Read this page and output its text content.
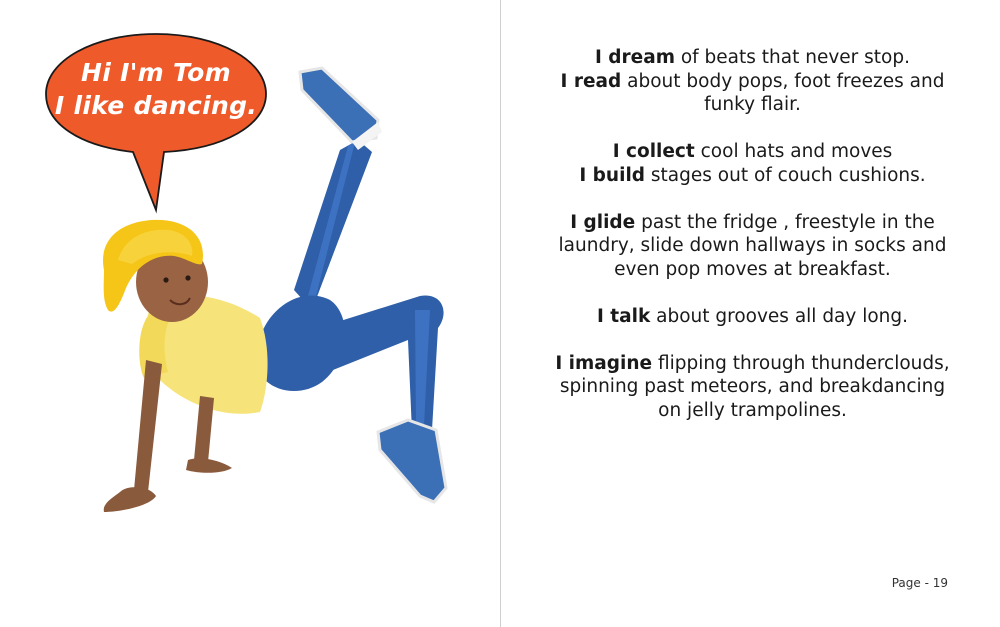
Hi I'm Tom
I like dancing.

I dream of beats that never stop.

I read about body pops, foot freezes and

funky flair.

I collect cool hats and moves

I build stages out of couch cushions.

I glide past the fridge , freestyle in the

laundry, slide down hallways in socks and

even pop moves at breakfast.

I talk about grooves all day long.

I imagine flipping through thunderclouds,

spinning past meteors, and breakdancing

on jelly trampolines.

Page - 19
